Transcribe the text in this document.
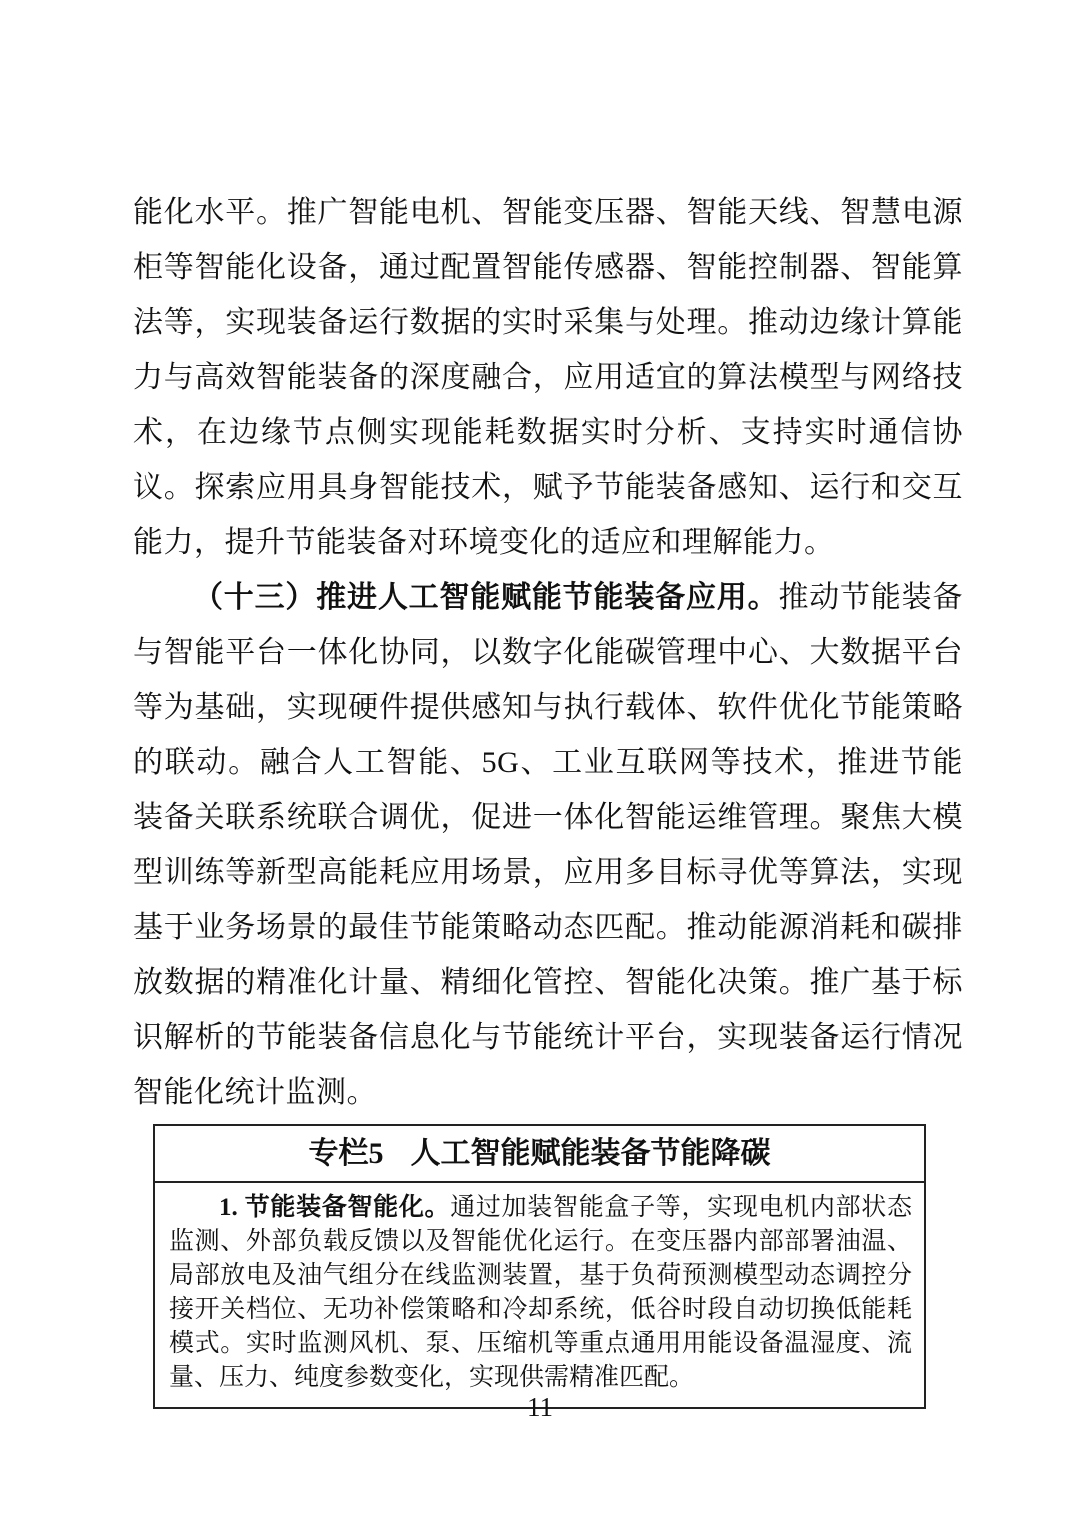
能化水平。推广智能电机、智能变压器、智能天线、智慧电源柜等智能化设备，通过配置智能传感器、智能控制器、智能算法等，实现装备运行数据的实时采集与处理。推动边缘计算能力与高效智能装备的深度融合，应用适宜的算法模型与网络技术，在边缘节点侧实现能耗数据实时分析、支持实时通信协议。探索应用具身智能技术，赋予节能装备感知、运行和交互能力，提升节能装备对环境变化的适应和理解能力。

（十三）推进人工智能赋能节能装备应用。推动节能装备与智能平台一体化协同，以数字化能碳管理中心、大数据平台等为基础，实现硬件提供感知与执行载体、软件优化节能策略的联动。融合人工智能、5G、工业互联网等技术，推进节能装备关联系统联合调优，促进一体化智能运维管理。聚焦大模型训练等新型高能耗应用场景，应用多目标寻优等算法，实现基于业务场景的最佳节能策略动态匹配。推动能源消耗和碳排放数据的精准化计量、精细化管控、智能化决策。推广基于标识解析的节能装备信息化与节能统计平台，实现装备运行情况智能化统计监测。

专栏5 人工智能赋能装备节能降碳

1. 节能装备智能化。通过加装智能盒子等，实现电机内部状态监测、外部负载反馈以及智能优化运行。在变压器内部部署油温、局部放电及油气组分在线监测装置，基于负荷预测模型动态调控分接开关档位、无功补偿策略和冷却系统，低谷时段自动切换低能耗模式。实时监测风机、泵、压缩机等重点通用用能设备温湿度、流量、压力、纯度参数变化，实现供需精准匹配。

11
